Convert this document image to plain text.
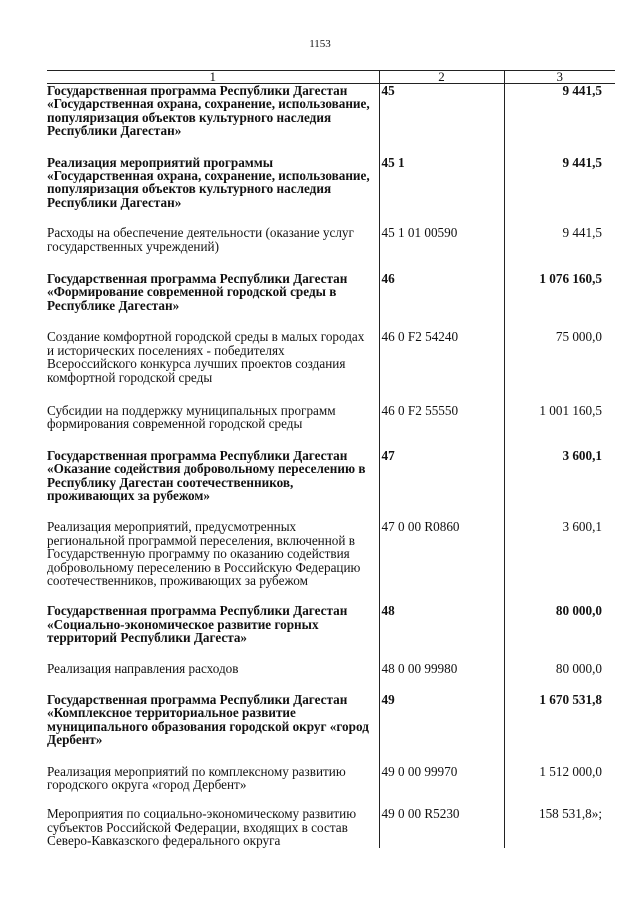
1153
1	2	3
Государственная программа Республики Дагестан «Государственная охрана, сохранение, использование, популяризация объектов культурного наследия Республики Дагестан»	45	9 441,5

Реализация мероприятий программы «Государственная охрана, сохранение, использование, популяризация объектов культурного наследия Республики Дагестан»	45 1	9 441,5

Расходы на обеспечение деятельности (оказание услуг государственных учреждений)	45 1 01 00590	9 441,5

Государственная программа Республики Дагестан «Формирование современной городской среды в Республике Дагестан»	46	1 076 160,5

Создание комфортной городской среды в малых городах и исторических поселениях - победителях Всероссийского конкурса лучших проектов создания комфортной городской среды	46 0 F2 54240	75 000,0

Субсидии на поддержку муниципальных программ формирования современной городской среды	46 0 F2 55550	1 001 160,5

Государственная программа Республики Дагестан «Оказание содействия добровольному переселению в Республику Дагестан соотечественников, проживающих за рубежом»	47	3 600,1

Реализация мероприятий, предусмотренных региональной программой переселения, включенной в Государственную программу по оказанию содействия добровольному переселению в Российскую Федерацию соотечественников, проживающих за рубежом	47 0 00 R0860	3 600,1

Государственная программа Республики Дагестан «Социально-экономическое развитие горных территорий Республики Дагеста»	48	80 000,0

Реализация направления расходов	48 0 00 99980	80 000,0

Государственная программа Республики Дагестан «Комплексное территориальное развитие муниципального образования городской округ «город Дербент»	49	1 670 531,8

Реализация мероприятий по комплексному развитию городского округа «город Дербент»	49 0 00 99970	1 512 000,0

Мероприятия по социально-экономическому развитию субъектов Российской Федерации, входящих в состав Северо-Кавказского федерального округа	49 0 00 R5230	158 531,8»;
